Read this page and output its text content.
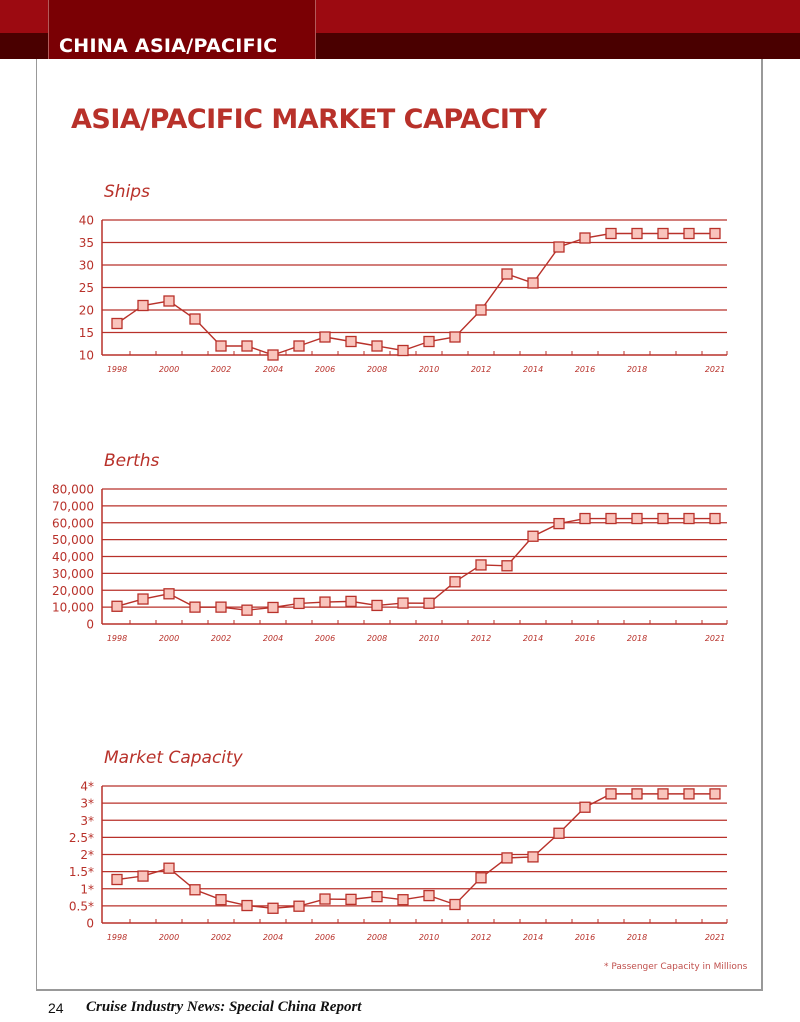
CHINA ASIA/PACIFIC
ASIA/PACIFIC MARKET CAPACITY
Ships
10
15
20
25
30
35
40
1998	2000	2002	2004	2006	2008	2010	2012	2014	2016	2018	2021
Berths
0
10,000
20,000
30,000
40,000
50,000
60,000
70,000
80,000
1998	2000	2002	2004	2006	2008	2010	2012	2014	2016	2018	2021
Market Capacity
0
0.5*
1*
1.5*
2*
2.5*
3*
3*
4*
1998	2000	2002	2004	2006	2008	2010	2012	2014	2016	2018	2021
* Passenger Capacity in Millions
24 Cruise Industry News: Special China Report
